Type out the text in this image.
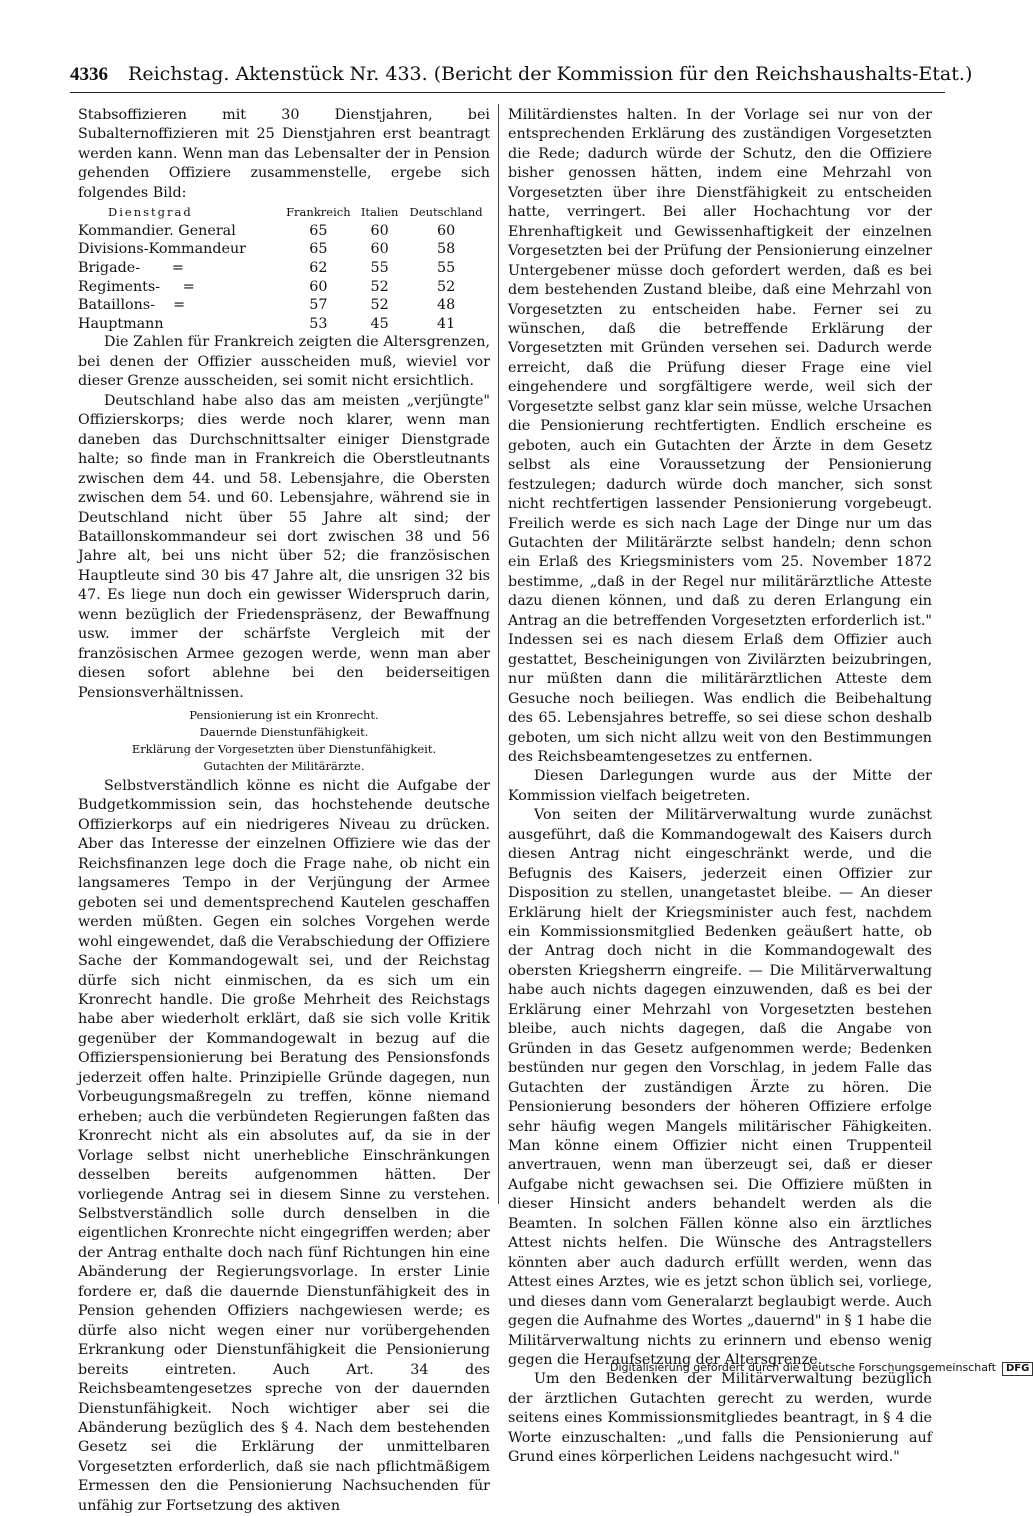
4336 Reichstag. Aktenstück Nr. 433. (Bericht der Kommission für den Reichshaushalts-Etat.)

Stabsoffizieren mit 30 Dienstjahren, bei Subalternoffizieren mit 25 Dienstjahren erst beantragt werden kann. Wenn man das Lebensalter der in Pension gehenden Offiziere zusammenstelle, ergebe sich folgendes Bild:

Dienstgrad	Frankreich	Italien	Deutschland
Kommandier. General	65	60	60
Divisions-Kommandeur	65	60	58
Brigade-       =	62	55	55
Regiments-     =	60	52	52
Bataillons-    =	57	52	48
Hauptmann	53	45	41

Die Zahlen für Frankreich zeigten die Altersgrenzen, bei denen der Offizier ausscheiden muß, wieviel vor dieser Grenze ausscheiden, sei somit nicht ersichtlich.

Deutschland habe also das am meisten „verjüngte" Offizierskorps; dies werde noch klarer, wenn man daneben das Durchschnittsalter einiger Dienstgrade halte; so finde man in Frankreich die Oberstleutnants zwischen dem 44. und 58. Lebensjahre, die Obersten zwischen dem 54. und 60. Lebensjahre, während sie in Deutschland nicht über 55 Jahre alt sind; der Bataillonskommandeur sei dort zwischen 38 und 56 Jahre alt, bei uns nicht über 52; die französischen Hauptleute sind 30 bis 47 Jahre alt, die unsrigen 32 bis 47. Es liege nun doch ein gewisser Widerspruch darin, wenn bezüglich der Friedenspräsenz, der Bewaffnung usw. immer der schärfste Vergleich mit der französischen Armee gezogen werde, wenn man aber diesen sofort ablehne bei den beiderseitigen Pensionsverhältnissen.

Pensionierung ist ein Kronrecht.
Dauernde Dienstunfähigkeit.
Erklärung der Vorgesetzten über Dienstunfähigkeit.
Gutachten der Militärärzte.

Selbstverständlich könne es nicht die Aufgabe der Budgetkommission sein, das hochstehende deutsche Offizierkorps auf ein niedrigeres Niveau zu drücken. Aber das Interesse der einzelnen Offiziere wie das der Reichsfinanzen lege doch die Frage nahe, ob nicht ein langsameres Tempo in der Verjüngung der Armee geboten sei und dementsprechend Kautelen geschaffen werden müßten. Gegen ein solches Vorgehen werde wohl eingewendet, daß die Verabschiedung der Offiziere Sache der Kommandogewalt sei, und der Reichstag dürfe sich nicht einmischen, da es sich um ein Kronrecht handle. Die große Mehrheit des Reichstags habe aber wiederholt erklärt, daß sie sich volle Kritik gegenüber der Kommandogewalt in bezug auf die Offizierspensionierung bei Beratung des Pensionsfonds jederzeit offen halte. Prinzipielle Gründe dagegen, nun Vorbeugungsmaßregeln zu treffen, könne niemand erheben; auch die verbündeten Regierungen faßten das Kronrecht nicht als ein absolutes auf, da sie in der Vorlage selbst nicht unerhebliche Einschränkungen desselben bereits aufgenommen hätten. Der vorliegende Antrag sei in diesem Sinne zu verstehen. Selbstverständlich solle durch denselben in die eigentlichen Kronrechte nicht eingegriffen werden; aber der Antrag enthalte doch nach fünf Richtungen hin eine Abänderung der Regierungsvorlage. In erster Linie fordere er, daß die dauernde Dienstunfähigkeit des in Pension gehenden Offiziers nachgewiesen werde; es dürfe also nicht wegen einer nur vorübergehenden Erkrankung oder Dienstunfähigkeit die Pensionierung bereits eintreten. Auch Art. 34 des Reichsbeamtengesetzes spreche von der dauernden Dienstunfähigkeit. Noch wichtiger aber sei die Abänderung bezüglich des § 4. Nach dem bestehenden Gesetz sei die Erklärung der unmittelbaren Vorgesetzten erforderlich, daß sie nach pflichtmäßigem Ermessen den die Pensionierung Nachsuchenden für unfähig zur Fortsetzung des aktiven

Militärdienstes halten. In der Vorlage sei nur von der entsprechenden Erklärung des zuständigen Vorgesetzten die Rede; dadurch würde der Schutz, den die Offiziere bisher genossen hätten, indem eine Mehrzahl von Vorgesetzten über ihre Dienstfähigkeit zu entscheiden hatte, verringert. Bei aller Hochachtung vor der Ehrenhaftigkeit und Gewissenhaftigkeit der einzelnen Vorgesetzten bei der Prüfung der Pensionierung einzelner Untergebener müsse doch gefordert werden, daß es bei dem bestehenden Zustand bleibe, daß eine Mehrzahl von Vorgesetzten zu entscheiden habe. Ferner sei zu wünschen, daß die betreffende Erklärung der Vorgesetzten mit Gründen versehen sei. Dadurch werde erreicht, daß die Prüfung dieser Frage eine viel eingehendere und sorgfältigere werde, weil sich der Vorgesetzte selbst ganz klar sein müsse, welche Ursachen die Pensionierung rechtfertigten. Endlich erscheine es geboten, auch ein Gutachten der Ärzte in dem Gesetz selbst als eine Voraussetzung der Pensionierung festzulegen; dadurch würde doch mancher, sich sonst nicht rechtfertigen lassender Pensionierung vorgebeugt. Freilich werde es sich nach Lage der Dinge nur um das Gutachten der Militärärzte selbst handeln; denn schon ein Erlaß des Kriegsministers vom 25. November 1872 bestimme, „daß in der Regel nur militärärztliche Atteste dazu dienen können, und daß zu deren Erlangung ein Antrag an die betreffenden Vorgesetzten erforderlich ist." Indessen sei es nach diesem Erlaß dem Offizier auch gestattet, Bescheinigungen von Zivilärzten beizubringen, nur müßten dann die militärärztlichen Atteste dem Gesuche noch beiliegen. Was endlich die Beibehaltung des 65. Lebensjahres betreffe, so sei diese schon deshalb geboten, um sich nicht allzu weit von den Bestimmungen des Reichsbeamtengesetzes zu entfernen.

Diesen Darlegungen wurde aus der Mitte der Kommission vielfach beigetreten.

Von seiten der Militärverwaltung wurde zunächst ausgeführt, daß die Kommandogewalt des Kaisers durch diesen Antrag nicht eingeschränkt werde, und die Befugnis des Kaisers, jederzeit einen Offizier zur Disposition zu stellen, unangetastet bleibe. — An dieser Erklärung hielt der Kriegsminister auch fest, nachdem ein Kommissionsmitglied Bedenken geäußert hatte, ob der Antrag doch nicht in die Kommandogewalt des obersten Kriegsherrn eingreife. — Die Militärverwaltung habe auch nichts dagegen einzuwenden, daß es bei der Erklärung einer Mehrzahl von Vorgesetzten bestehen bleibe, auch nichts dagegen, daß die Angabe von Gründen in das Gesetz aufgenommen werde; Bedenken bestünden nur gegen den Vorschlag, in jedem Falle das Gutachten der zuständigen Ärzte zu hören. Die Pensionierung besonders der höheren Offiziere erfolge sehr häufig wegen Mangels militärischer Fähigkeiten. Man könne einem Offizier nicht einen Truppenteil anvertrauen, wenn man überzeugt sei, daß er dieser Aufgabe nicht gewachsen sei. Die Offiziere müßten in dieser Hinsicht anders behandelt werden als die Beamten. In solchen Fällen könne also ein ärztliches Attest nichts helfen. Die Wünsche des Antragstellers könnten aber auch dadurch erfüllt werden, wenn das Attest eines Arztes, wie es jetzt schon üblich sei, vorliege, und dieses dann vom Generalarzt beglaubigt werde. Auch gegen die Aufnahme des Wortes „dauernd" in § 1 habe die Militärverwaltung nichts zu erinnern und ebenso wenig gegen die Heraufsetzung der Altersgrenze.

Um den Bedenken der Militärverwaltung bezüglich der ärztlichen Gutachten gerecht zu werden, wurde seitens eines Kommissionsmitgliedes beantragt, in § 4 die Worte einzuschalten: „und falls die Pensionierung auf Grund eines körperlichen Leidens nachgesucht wird."

Digitalisierung gefördert durch die Deutsche Forschungsgemeinschaft DFG
